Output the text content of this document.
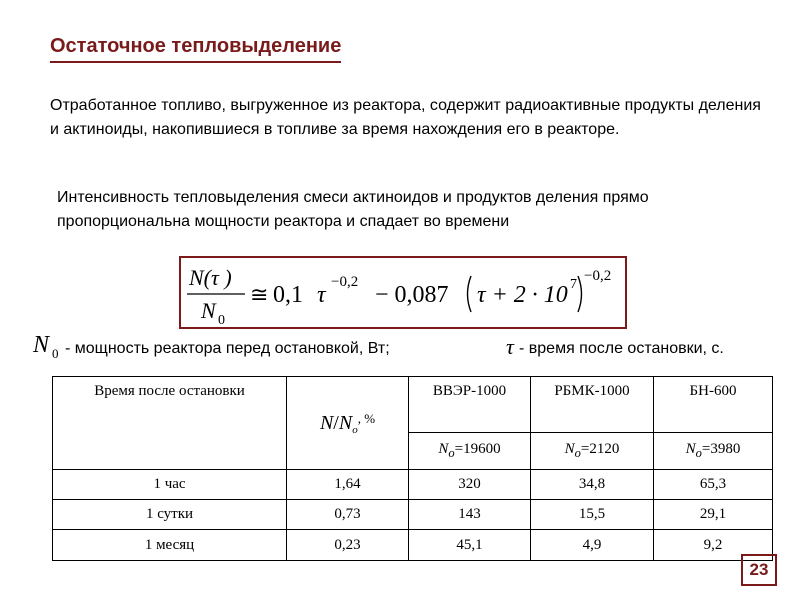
Остаточное тепловыделение
Отработанное топливо, выгруженное из реактора, содержит радиоактивные продукты деления и актиноиды, накопившиеся в топливе за время нахождения его в реакторе.
Интенсивность тепловыделения смеси актиноидов и продуктов деления прямо пропорциональна мощности реактора и спадает во времени
N(τ )
N 0
≅ 0,1 τ −0,2 − 0,087 τ + 2 · 10 7
−0,2
N 0 - мощность реактора перед остановкой, Вт;	τ - время после остановки, с.
Время после остановки	$N/N_o^{, \%}$	ВВЭР-1000	РБМК-1000	БН-600
		$N_o=19600$	$N_o=2120$	$N_o=3980$
1 час	1,64	320	34,8	65,3
1 сутки	0,73	143	15,5	29,1
1 месяц	0,23	45,1	4,9	9,2
23
